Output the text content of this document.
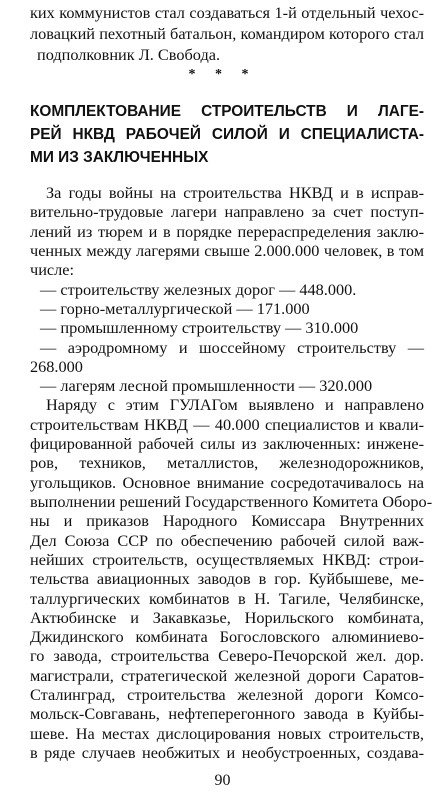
ких коммунистов стал создаваться 1-й отдельный чехос-
ловацкий пехотный батальон, командиром которого стал
подполковник Л. Свобода.
* * *
КОМПЛЕКТОВАНИЕ СТРОИТЕЛЬСТВ И ЛАГЕ-
РЕЙ НКВД РАБОЧЕЙ СИЛОЙ И СПЕЦИАЛИСТА-
МИ ИЗ ЗАКЛЮЧЕННЫХ
За годы войны на строительства НКВД и в исправ-
вительно-трудовые лагери направлено за счет поступ-
лений из тюрем и в порядке перераспределения заклю-
ченных между лагерями свыше 2.000.000 человек, в том
числе:
— строительству железных дорог — 448.000.
— горно-металлургической — 171.000
— промышленному строительству — 310.000
— аэродромному и шоссейному строительству —
268.000
— лагерям лесной промышленности — 320.000
Наряду с этим ГУЛАГом выявлено и направлено
строительствам НКВД — 40.000 специалистов и квали-
фицированной рабочей силы из заключенных: инжене-
ров, техников, металлистов, железнодорожников,
угольщиков. Основное внимание сосредотачивалось на
выполнении решений Государственного Комитета Оборо-
ны и приказов Народного Комиссара Внутренних
Дел Союза ССР по обеспечению рабочей силой важ-
нейших строительств, осуществляемых НКВД: строи-
тельства авиационных заводов в гор. Куйбышеве, ме-
таллургических комбинатов в Н. Тагиле, Челябинске,
Актюбинске и Закавказье, Норильского комбината,
Джидинского комбината Богословского алюминиево-
го завода, строительства Северо-Печорской жел. дор.
магистрали, стратегической железной дороги Саратов-
Сталинград, строительства железной дороги Комсо-
мольск-Совгавань, нефтеперегонного завода в Куйбы-
шеве. На местах дислоцирования новых строительств,
в ряде случаев необжитых и необустроенных, создава-
90
